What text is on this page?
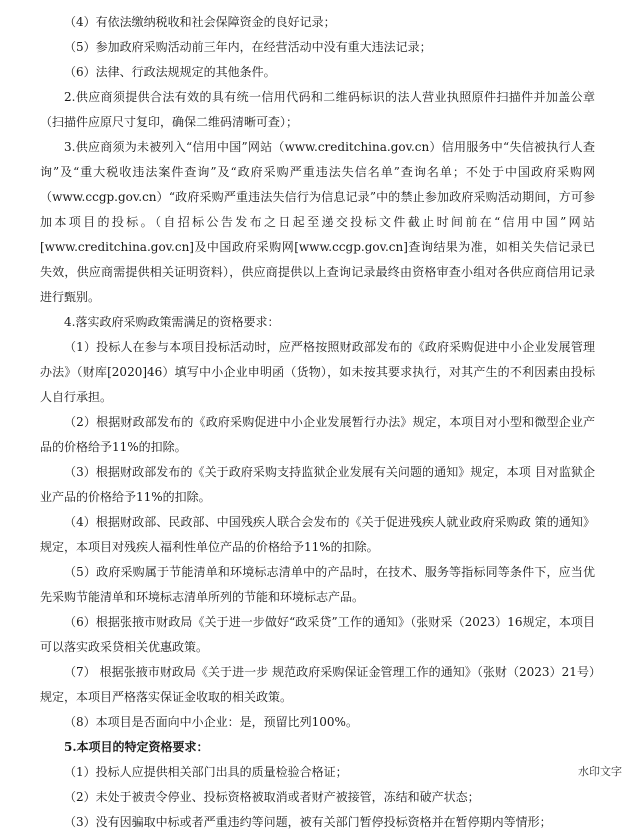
（4）有依法缴纳税收和社会保障资金的良好记录；

（5）参加政府采购活动前三年内，在经营活动中没有重大违法记录；

（6）法律、行政法规规定的其他条件。

2.供应商须提供合法有效的具有统一信用代码和二维码标识的法人营业执照原件扫描件并加盖公章（扫描件应原尺寸复印，确保二维码清晰可查）；

3.供应商须为未被列入“信用中国”网站（www.creditchina.gov.cn）信用服务中“失信被执行人查询”及“重大税收违法案件查询”及“政府采购严重违法失信名单”查询名单；不处于中国政府采购网（www.ccgp.gov.cn）“政府采购严重违法失信行为信息记录”中的禁止参加政府采购活动期间，方可参加本项目的投标。（自招标公告发布之日起至递交投标文件截止时间前在“信用中国”网站[www.creditchina.gov.cn]及中国政府采购网[www.ccgp.gov.cn]查询结果为准，如相关失信记录已失效，供应商需提供相关证明资料），供应商提供以上查询记录最终由资格审查小组对各供应商信用记录进行甄别。

4.落实政府采购政策需满足的资格要求：

（1）投标人在参与本项目投标活动时，应严格按照财政部发布的《政府采购促进中小企业发展管理办法》（财库[2020]46）填写中小企业申明函（货物），如未按其要求执行，对其产生的不利因素由投标人自行承担。

（2）根据财政部发布的《政府采购促进中小企业发展暂行办法》规定，本项目对小型和微型企业产品的价格给予11%的扣除。

（3）根据财政部发布的《关于政府采购支持监狱企业发展有关问题的通知》规定，本项 目对监狱企业产品的价格给予11%的扣除。

（4）根据财政部、民政部、中国残疾人联合会发布的《关于促进残疾人就业政府采购政 策的通知》规定，本项目对残疾人福利性单位产品的价格给予11%的扣除。

（5）政府采购属于节能清单和环境标志清单中的产品时，在技术、服务等指标同等条件下，应当优先采购节能清单和环境标志清单所列的节能和环境标志产品。

（6）根据张掖市财政局《关于进一步做好“政采贷”工作的通知》（张财采（2023）16规定，本项目可以落实政采贷相关优惠政策。

（7） 根据张掖市财政局《关于进一步 规范政府采购保证金管理工作的通知》（张财（2023）21号）规定，本项目严格落实保证金收取的相关政策。

（8）本项目是否面向中小企业：是，预留比列100%。

5.本项目的特定资格要求：

（1）投标人应提供相关部门出具的质量检验合格证；

（2）未处于被责令停业、投标资格被取消或者财产被接管，冻结和破产状态；

（3）没有因骗取中标或者严重违约等问题，被有关部门暂停投标资格并在暂停期内等情形；

水印文字
